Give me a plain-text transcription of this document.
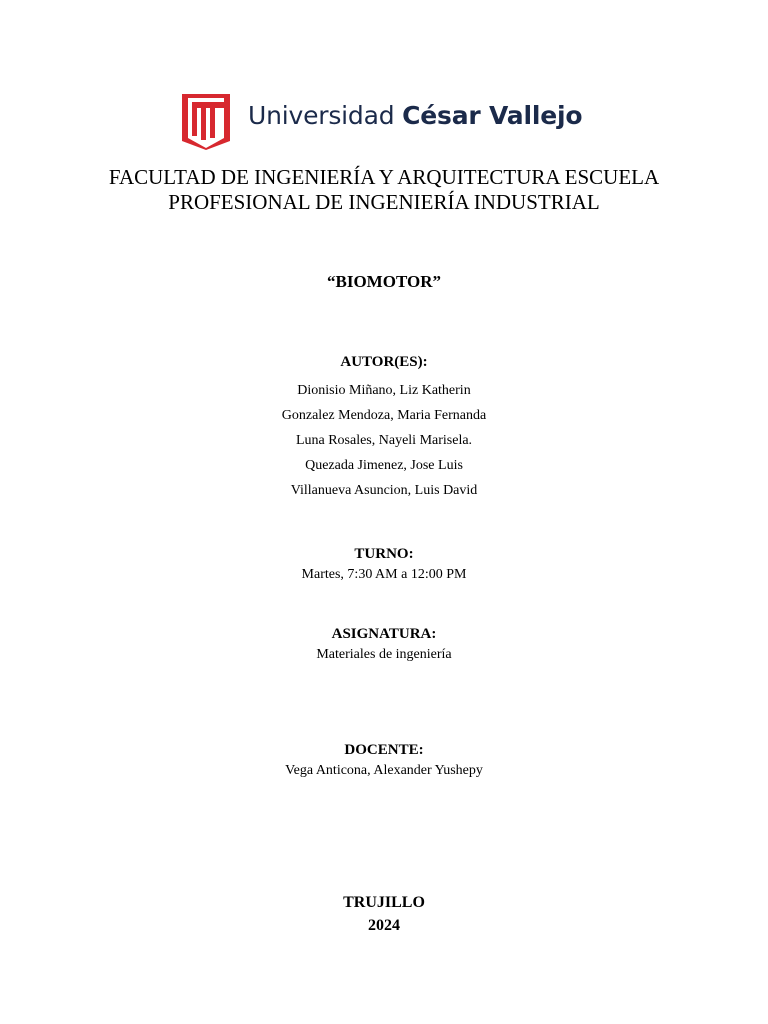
Universidad César Vallejo
FACULTAD DE INGENIERÍA Y ARQUITECTURA ESCUELA
PROFESIONAL DE INGENIERÍA INDUSTRIAL
“BIOMOTOR”
AUTOR(ES):
Dionisio Miñano, Liz Katherin
Gonzalez Mendoza, Maria Fernanda
Luna Rosales, Nayeli Marisela.
Quezada Jimenez, Jose Luis
Villanueva Asuncion, Luis David
TURNO:
Martes, 7:30 AM a 12:00 PM
ASIGNATURA:
Materiales de ingeniería
DOCENTE:
Vega Anticona, Alexander Yushepy
TRUJILLO
2024
